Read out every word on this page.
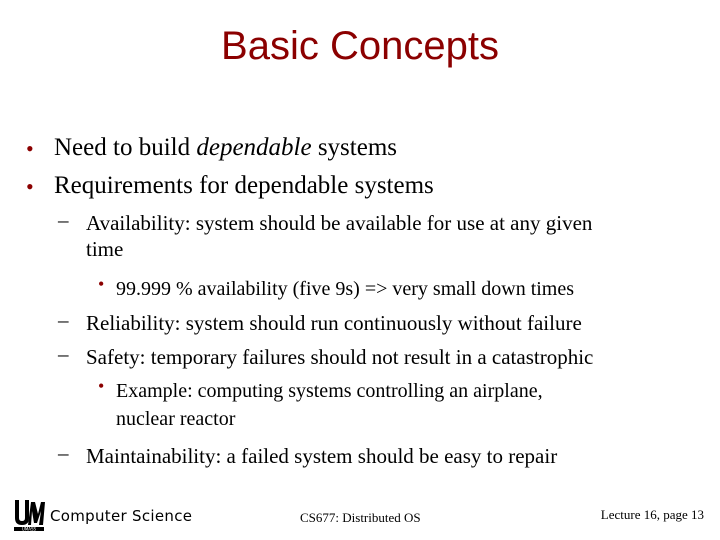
Basic Concepts
• Need to build dependable systems
• Requirements for dependable systems
– Availability: system should be available for use at any given
time
• 99.999 % availability (five 9s) => very small down times
– Reliability: system should run continuously without failure
– Safety: temporary failures should not result in a catastrophic
• Example: computing systems controlling an airplane,
nuclear reactor
– Maintainability: a failed system should be easy to repair
UMASS
Computer Science	CS677: Distributed OS	Lecture 16, page 13
